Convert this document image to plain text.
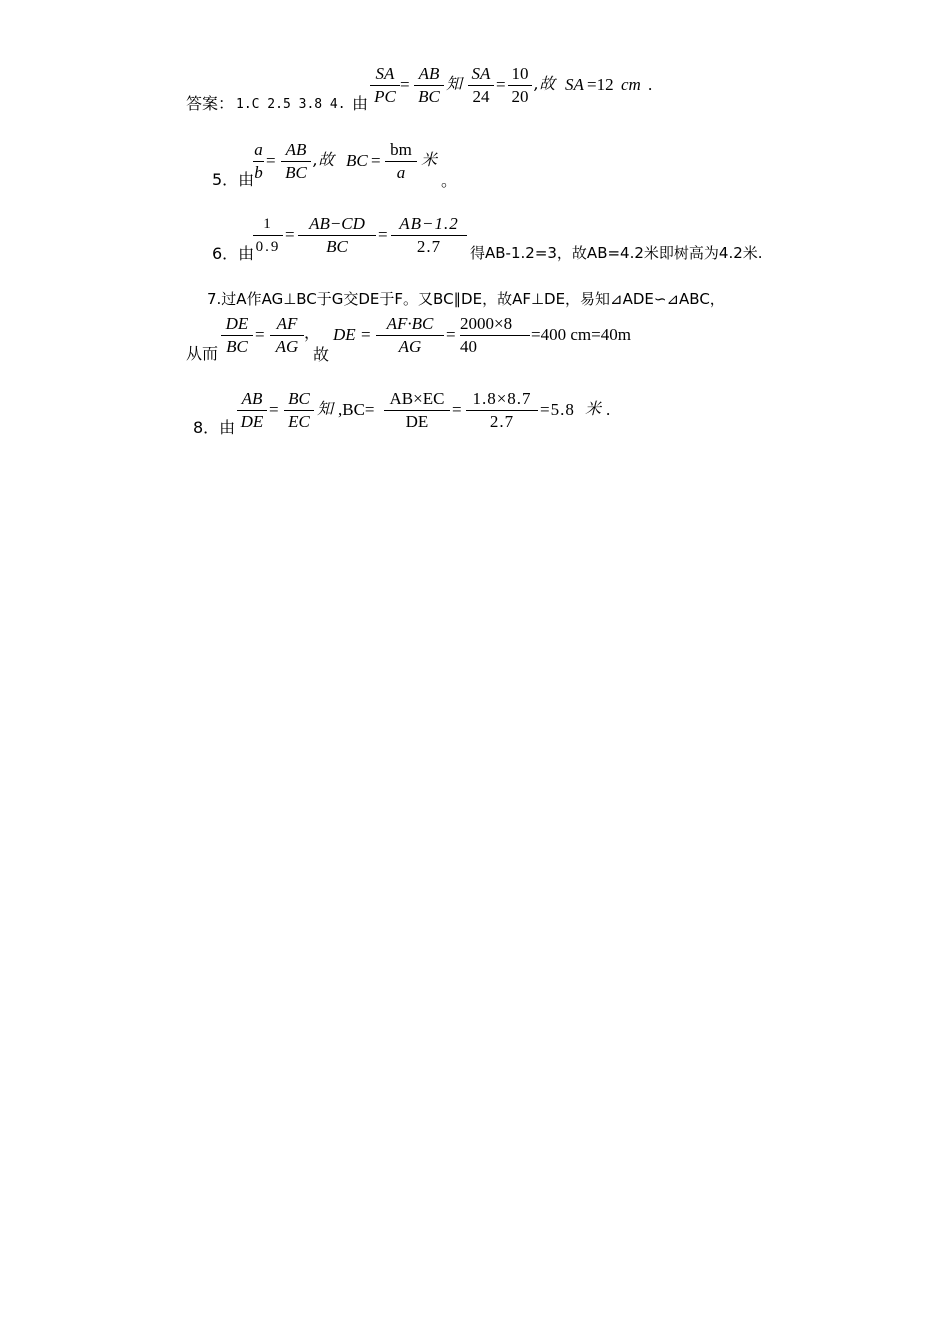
答案： 1.C 2.5 3.8 4. 由
SA
PC
=
AB
BC
知
SA
24
=
10
20
,故 SA =12 cm .
5．由
a
b
=
AB
BC
,故 BC =
bm
a
米
。
6．由
1
0.9
=
AB−CD
BC
=
AB−1.2
2.7	得AB-1.2=3，故AB=4.2米即树高为4.2米.
7.过A作AG⊥BC于G交DE于F。又BC∥DE，故AF⊥DE，易知⊿ADE∽⊿ABC，
从而
DE
BC
=
AF
AG
，
故
DE =
AF·BC
AG
=
2000×8
40
=400 cm=40m
8．由
AB
DE
=
BC
EC
知 ,BC=
AB×EC
DE
=
1.8×8.7
2.7
=5.8 米 .
